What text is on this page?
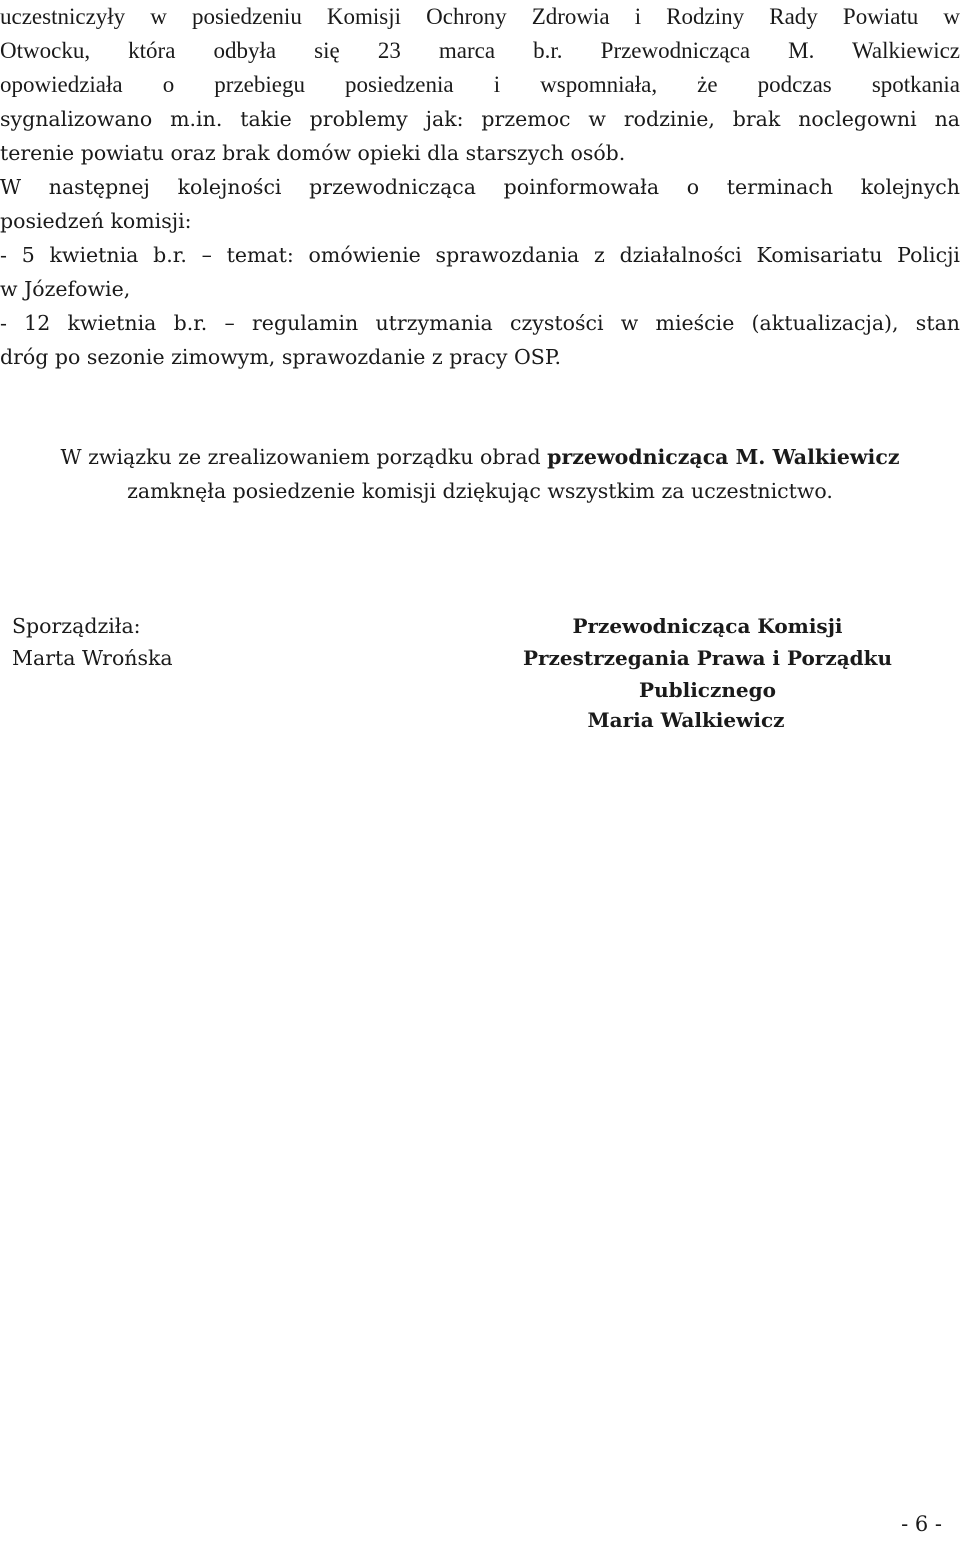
uczestniczyły w posiedzeniu Komisji Ochrony Zdrowia i Rodziny Rady Powiatu w
Otwocku, która odbyła się 23 marca b.r. Przewodnicząca M. Walkiewicz
opowiedziała o przebiegu posiedzenia i wspomniała, że podczas spotkania
sygnalizowano m.in. takie problemy jak: przemoc w rodzinie, brak noclegowni na
terenie powiatu oraz brak domów opieki dla starszych osób.
W następnej kolejności przewodnicząca poinformowała o terminach kolejnych
posiedzeń komisji:
- 5 kwietnia b.r. – temat: omówienie sprawozdania z działalności Komisariatu Policji
w Józefowie,
- 12 kwietnia b.r. – regulamin utrzymania czystości w mieście (aktualizacja), stan
dróg po sezonie zimowym, sprawozdanie z pracy OSP.
W związku ze zrealizowaniem porządku obrad przewodnicząca M. Walkiewicz
zamknęła posiedzenie komisji dziękując wszystkim za uczestnictwo.
Sporządziła:
Marta Wrońska
Przewodnicząca Komisji
Przestrzegania Prawa i Porządku Publicznego
Maria Walkiewicz
- 6 -
